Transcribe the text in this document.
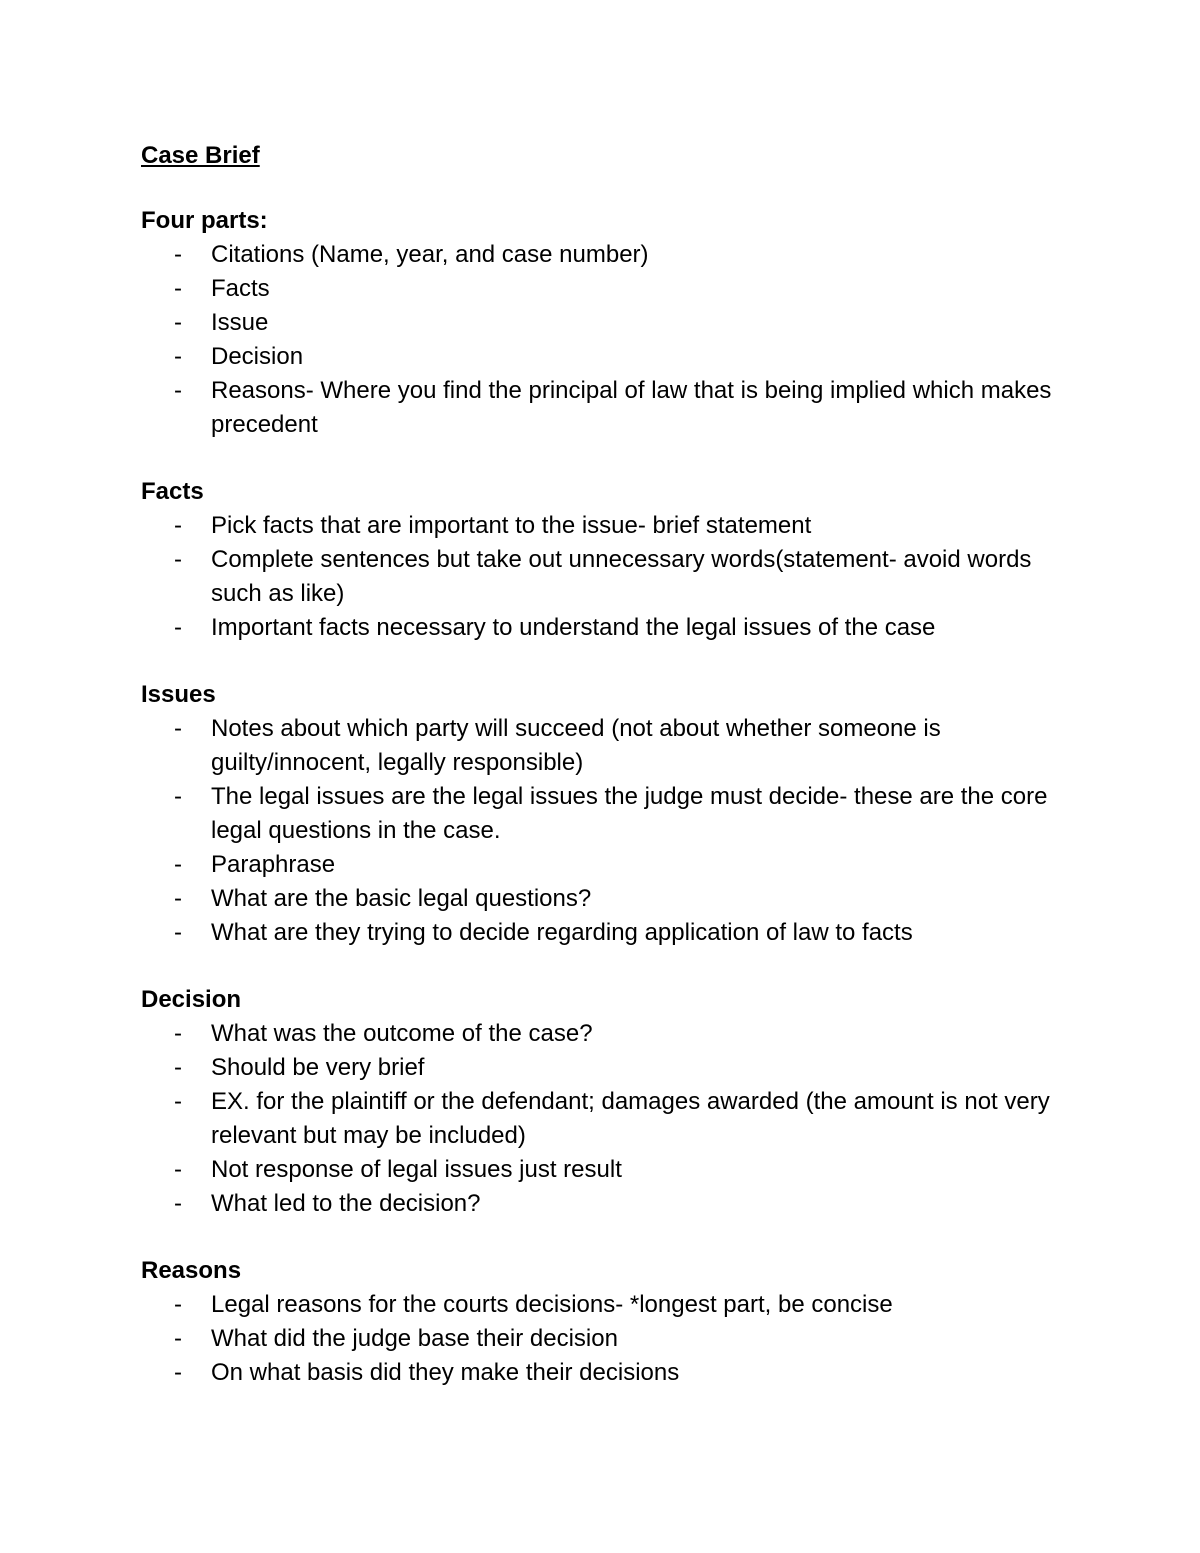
Case Brief
Four parts:
- Citations (Name, year, and case number)
- Facts
- Issue
- Decision
- Reasons- Where you find the principal of law that is being implied which makes precedent
Facts
- Pick facts that are important to the issue- brief statement
- Complete sentences but take out unnecessary words(statement- avoid words such as like)
- Important facts necessary to understand the legal issues of the case
Issues
- Notes about which party will succeed (not about whether someone is guilty/innocent, legally responsible)
- The legal issues are the legal issues the judge must decide- these are the core legal questions in the case.
- Paraphrase
- What are the basic legal questions?
- What are they trying to decide regarding application of law to facts
Decision
- What was the outcome of the case?
- Should be very brief
- EX. for the plaintiff or the defendant; damages awarded (the amount is not very relevant but may be included)
- Not response of legal issues just result
- What led to the decision?
Reasons
- Legal reasons for the courts decisions- *longest part, be concise
- What did the judge base their decision
- On what basis did they make their decisions
